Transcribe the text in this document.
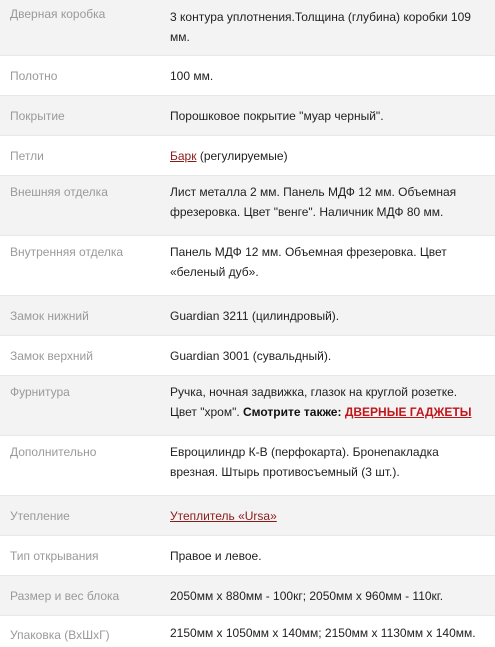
Дверная коробка	3 контура уплотнения.Толщина (глубина) коробки 109 мм.
Полотно	100 мм.
Покрытие	Порошковое покрытие "муар черный".
Петли	Барк (регулируемые)
Внешняя отделка	Лист металла 2 мм. Панель МДФ 12 мм. Объемная фрезеровка. Цвет "венге". Наличник МДФ 80 мм.
Внутренняя отделка	Панель МДФ 12 мм. Объемная фрезеровка. Цвет «беленый дуб».
Замок нижний	Guardian 3211 (цилиндровый).
Замок верхний	Guardian 3001 (сувальдный).
Фурнитура	Ручка, ночная задвижка, глазок на круглой розетке. Цвет "хром". Смотрите также: ДВЕРНЫЕ ГАДЖЕТЫ
Дополнительно	Евроцилиндр К-В (перфокарта). Бронenакладка врезная. Штырь противосъемный (3 шт.).
Утепление	Утеплитель «Ursa»
Тип открывания	Правое и левое.
Размер и вес блока	2050мм х 880мм - 100кг; 2050мм х 960мм - 110кг.
Упаковка (ВхШхГ)	2150мм х 1050мм х 140мм; 2150мм х 1130мм х 140мм.
